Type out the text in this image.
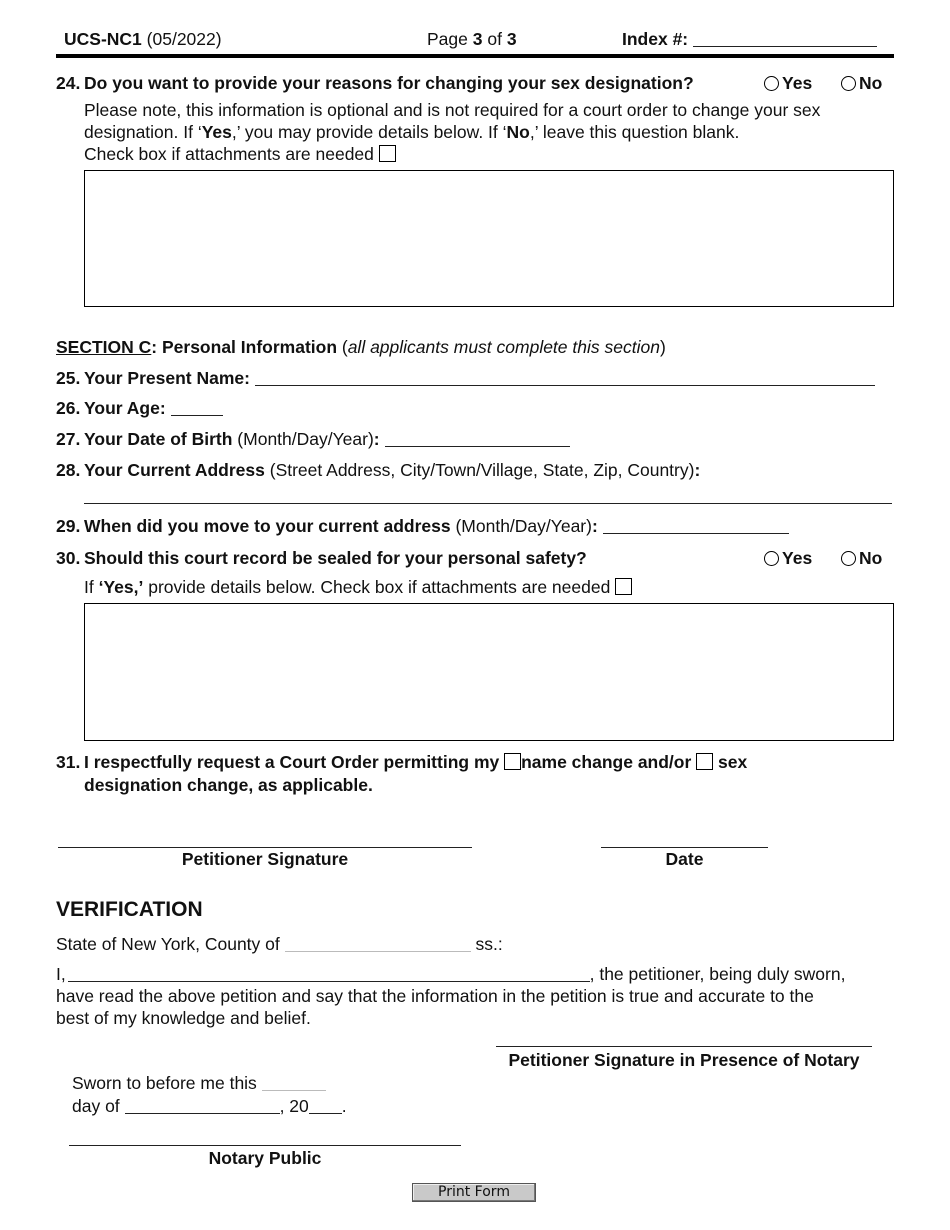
UCS-NC1 (05/2022)	Page 3 of 3	Index #:
24. Do you want to provide your reasons for changing your sex designation?	Yes	No
Please note, this information is optional and is not required for a court order to change your sex
designation. If ‘Yes,’ you may provide details below. If ‘No,’ leave this question blank.
Check box if attachments are needed
SECTION C: Personal Information (all applicants must complete this section)
25. Your Present Name:
26. Your Age:
27. Your Date of Birth (Month/Day/Year):
28. Your Current Address (Street Address, City/Town/Village, State, Zip, Country):
29. When did you move to your current address (Month/Day/Year):
30. Should this court record be sealed for your personal safety?	Yes	No
If ‘Yes,’ provide details below. Check box if attachments are needed
31. I respectfully request a Court Order permitting my name change and/or sex
designation change, as applicable.
Petitioner Signature	Date
VERIFICATION
State of New York, County of	ss.:
I,	, the petitioner, being duly sworn,
have read the above petition and say that the information in the petition is true and accurate to the
best of my knowledge and belief.
Petitioner Signature in Presence of Notary
Sworn to before me this
day of	, 20 .
Notary Public
Print Form
